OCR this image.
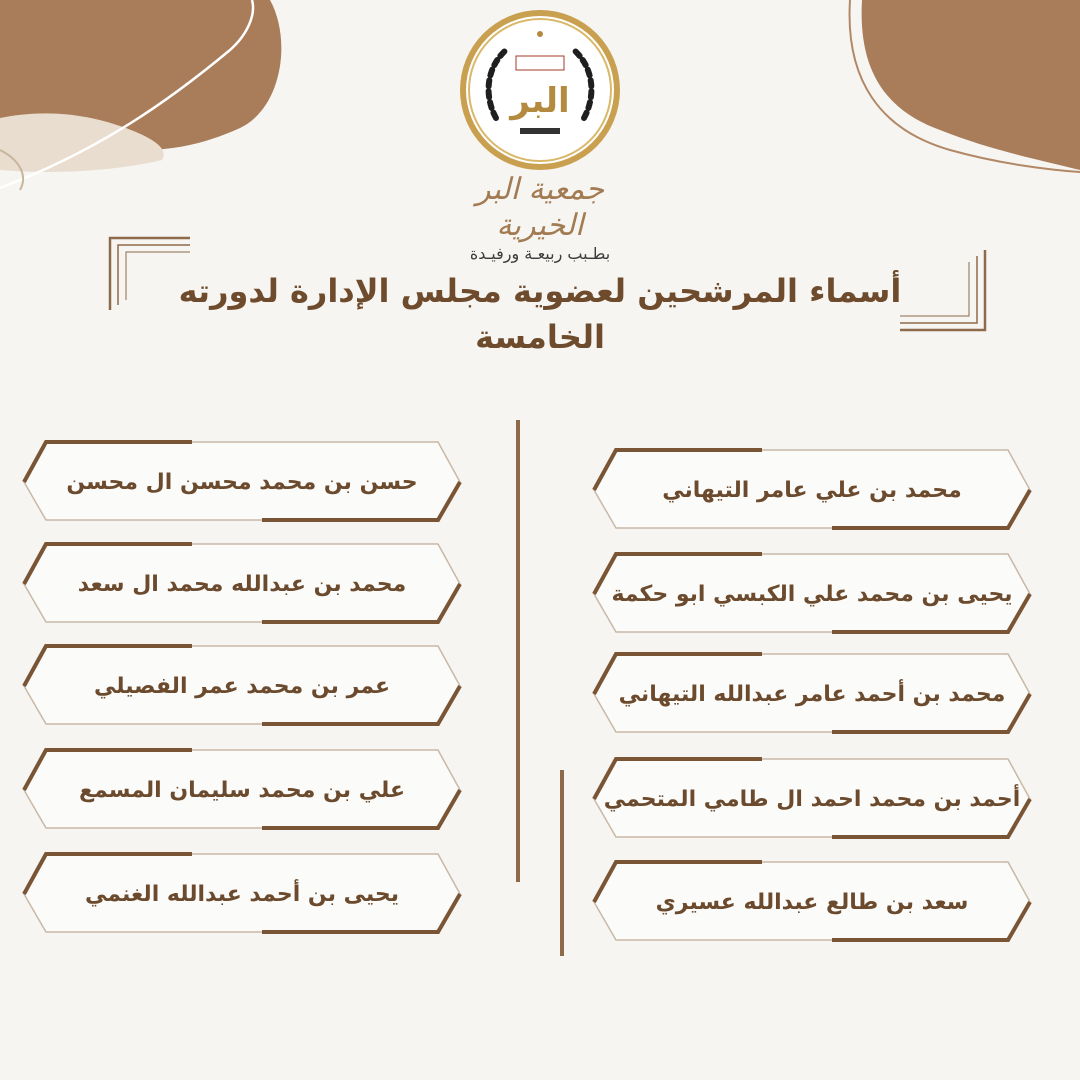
البر
جمعية البر الخيرية
بطـبب ربيعـة ورفيـدة
أسماء المرشحين لعضوية مجلس الإدارة لدورته الخامسة
محمد بن علي عامر التيهاني
يحيى بن محمد علي الكبسي ابو حكمة
محمد بن أحمد عامر عبدالله التيهاني
أحمد بن محمد احمد ال طامي المتحمي
سعد بن طالع عبدالله عسيري
حسن بن محمد محسن ال محسن
محمد بن عبدالله محمد ال سعد
عمر بن محمد عمر الفصيلي
علي بن محمد سليمان المسمع
يحيى بن أحمد عبدالله الغنمي
